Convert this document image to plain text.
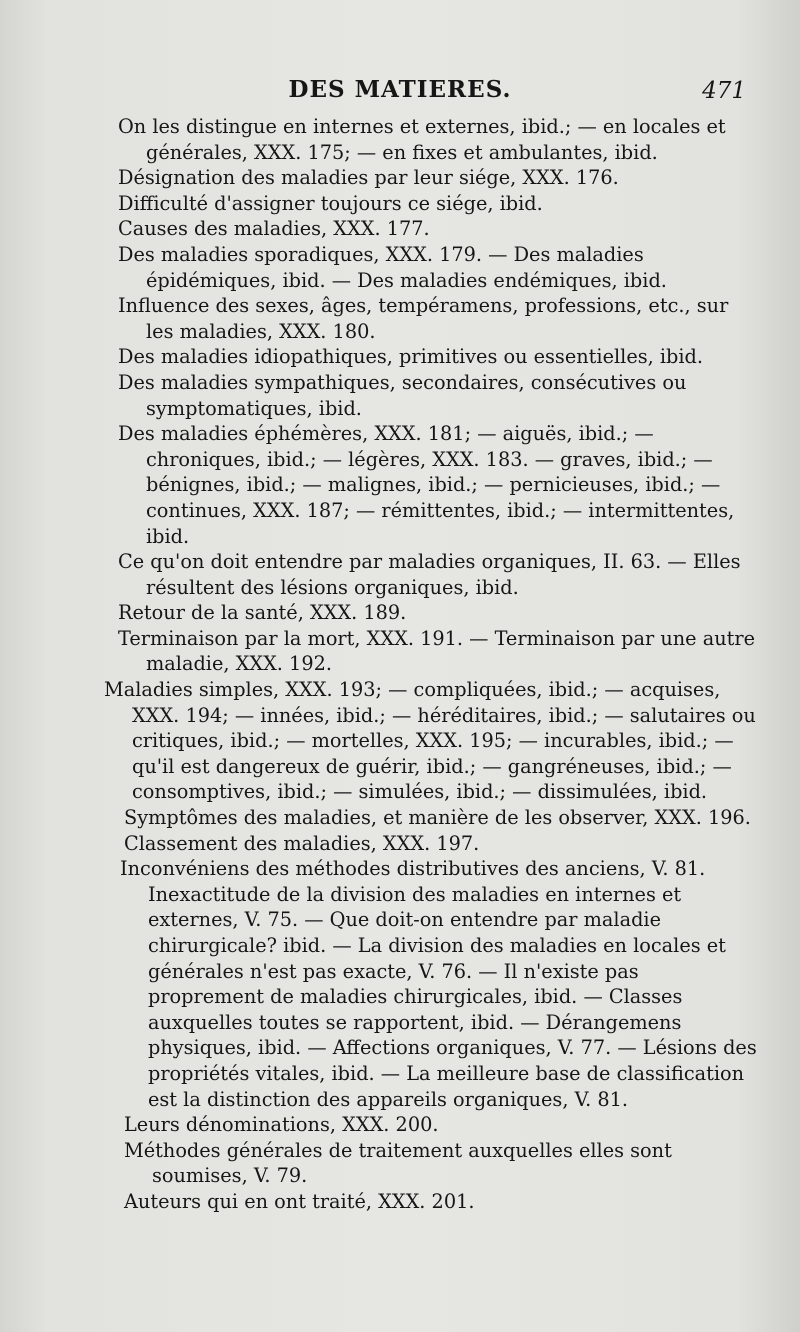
DES MATIERES.	471

On les distingue en internes et externes, ibid.; — en locales et générales, XXX. 175; — en fixes et ambulantes, ibid.

Désignation des maladies par leur siége, XXX. 176.

Difficulté d'assigner toujours ce siége, ibid.

Causes des maladies, XXX. 177.

Des maladies sporadiques, XXX. 179. — Des maladies épidémiques, ibid. — Des maladies endémiques, ibid.

Influence des sexes, âges, tempéramens, professions, etc., sur les maladies, XXX. 180.

Des maladies idiopathiques, primitives ou essentielles, ibid.

Des maladies sympathiques, secondaires, consécutives ou symptomatiques, ibid.

Des maladies éphémères, XXX. 181; — aiguës, ibid.; — chroniques, ibid.; — légères, XXX. 183. — graves, ibid.; — bénignes, ibid.; — malignes, ibid.; — pernicieuses, ibid.; — continues, XXX. 187; — rémittentes, ibid.; — intermittentes, ibid.

Ce qu'on doit entendre par maladies organiques, II. 63. — Elles résultent des lésions organiques, ibid.

Retour de la santé, XXX. 189.

Terminaison par la mort, XXX. 191. — Terminaison par une autre maladie, XXX. 192.

Maladies simples, XXX. 193; — compliquées, ibid.; — acquises, XXX. 194; — innées, ibid.; — héréditaires, ibid.; — salutaires ou critiques, ibid.; — mortelles, XXX. 195; — incurables, ibid.; — qu'il est dangereux de guérir, ibid.; — gangréneuses, ibid.; — consomptives, ibid.; — simulées, ibid.; — dissimulées, ibid.

Symptômes des maladies, et manière de les observer, XXX. 196.

Classement des maladies, XXX. 197.

Inconvéniens des méthodes distributives des anciens, V. 81. Inexactitude de la division des maladies en internes et externes, V. 75. — Que doit-on entendre par maladie chirurgicale? ibid. — La division des maladies en locales et générales n'est pas exacte, V. 76. — Il n'existe pas proprement de maladies chirurgicales, ibid. — Classes auxquelles toutes se rapportent, ibid. — Dérangemens physiques, ibid. — Affections organiques, V. 77. — Lésions des propriétés vitales, ibid. — La meilleure base de classification est la distinction des appareils organiques, V. 81.

Leurs dénominations, XXX. 200.

Méthodes générales de traitement auxquelles elles sont soumises, V. 79.

Auteurs qui en ont traité, XXX. 201.
